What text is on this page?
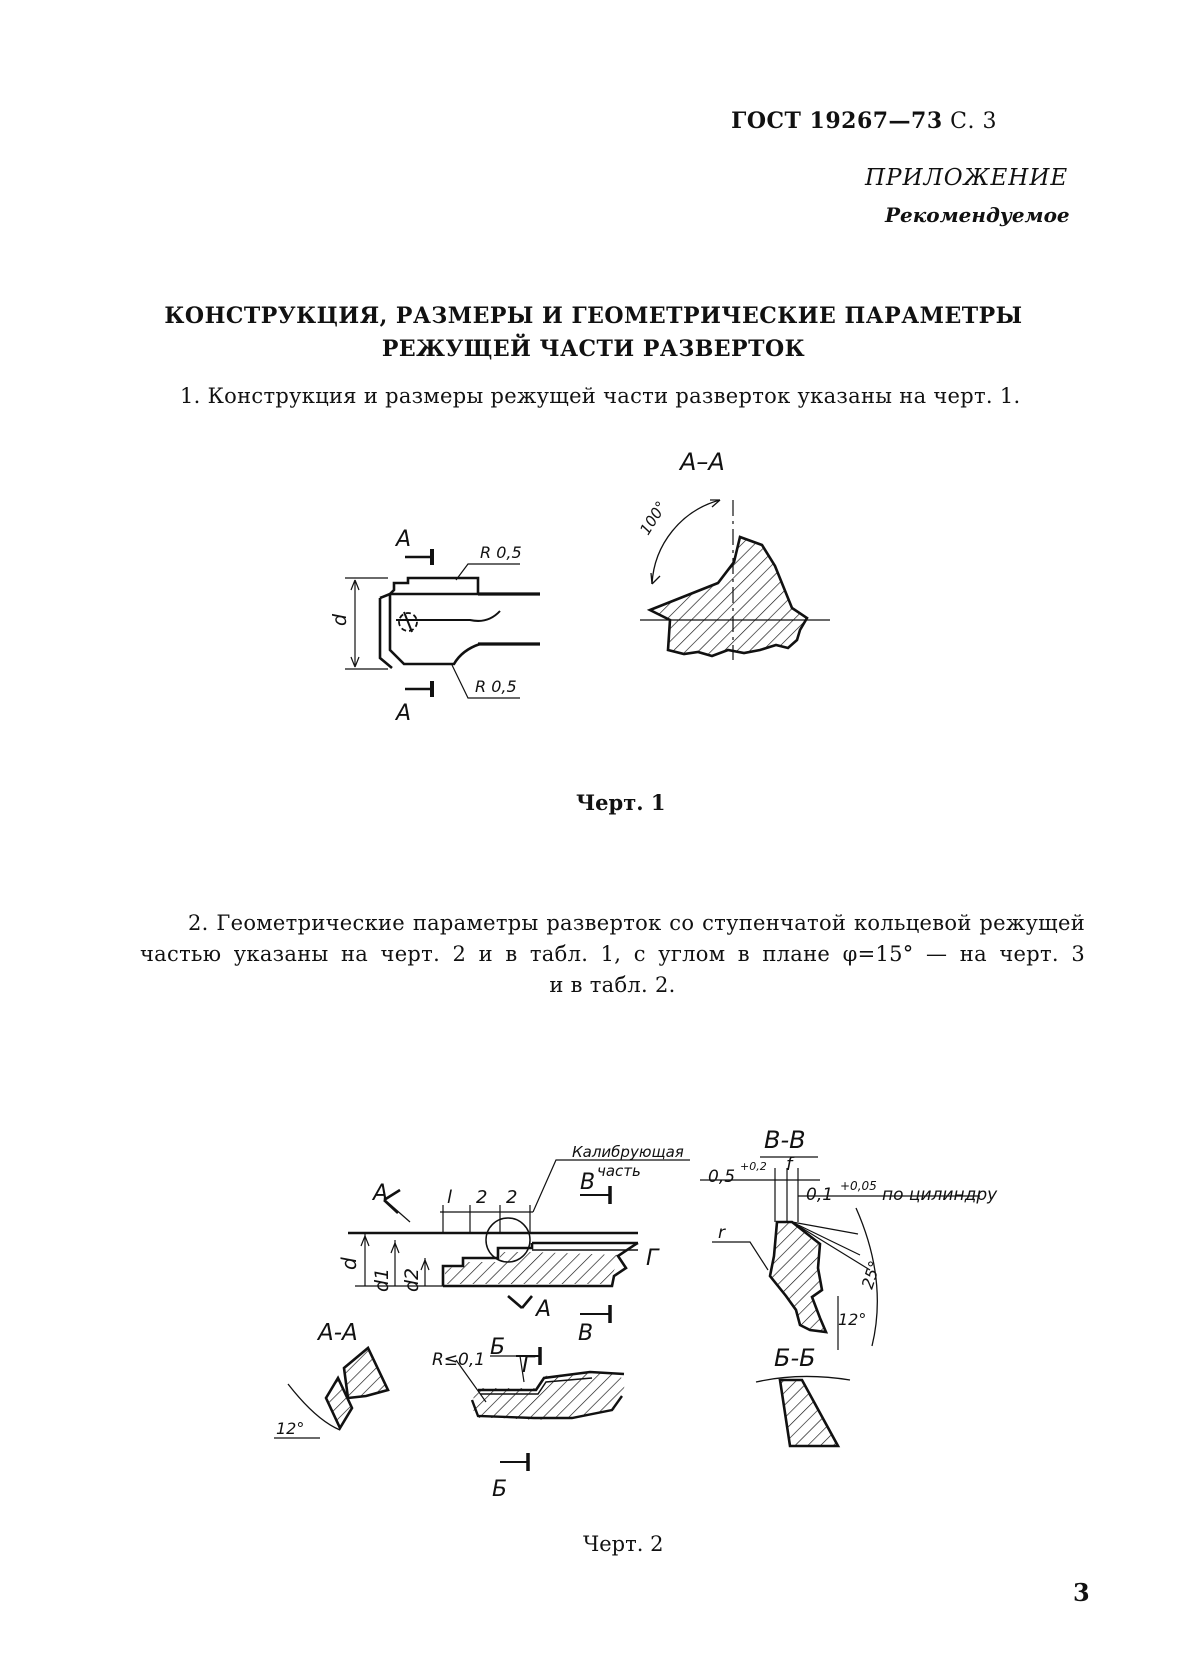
ГОСТ 19267—73 С. 3
ПРИЛОЖЕНИЕ
Рекомендуемое
КОНСТРУКЦИЯ, РАЗМЕРЫ И ГЕОМЕТРИЧЕСКИЕ ПАРАМЕТРЫ
РЕЖУЩЕЙ ЧАСТИ РАЗВЕРТОК
1. Конструкция и размеры режущей части разверток указаны на черт. 1.
А
А
R 0,5
R 0,5
d
А–А
100°
Калибрующая
часть
А	l 2 2
В
Г
d
d1 d2
А
В
В-В
f
0,5
+0,2
0,1 +0,05 по цилиндру
r
25°
12°
А-А
12°
R≤0,1 Б
Г
Б
Б-Б
Черт. 1
2. Геометрические параметры разверток со ступенчатой кольцевой режущей
частью указаны на черт. 2 и в табл. 1, с углом в плане φ=15° — на черт. 3
и в табл. 2.
Черт. 2
3
